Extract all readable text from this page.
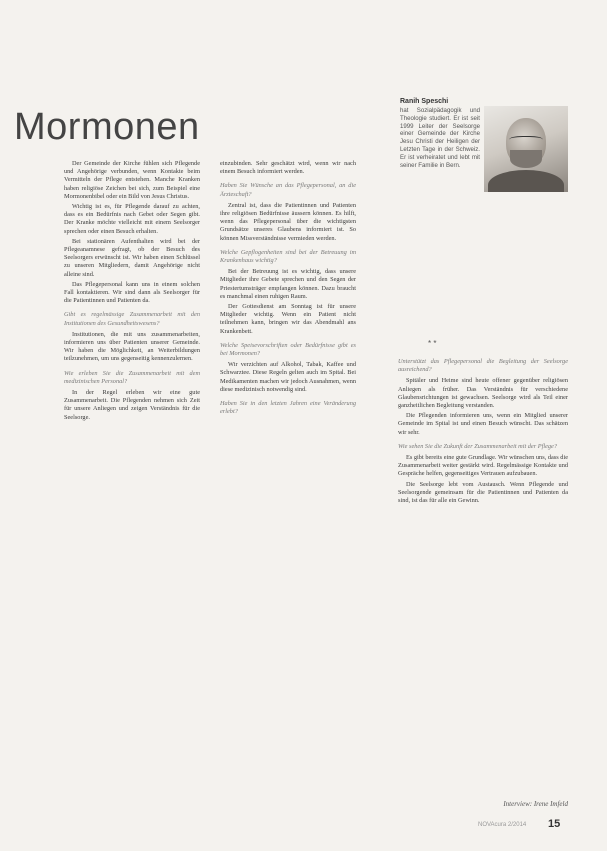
Mormonen

Ranih Speschi

hat Sozialpädagogik und Theologie studiert. Er ist seit 1999 Leiter der Seelsorge einer Gemeinde der Kirche Jesu Christi der Heiligen der Letzten Tage in der Schweiz. Er ist verheiratet und lebt mit seiner Familie in Bern.

* *

Der Gemeinde der Kirche fühlen sich Pflegende und Angehörige verbunden, wenn Kontakte beim Vermitteln der Pflege entstehen. Manche Kranken haben religiöse Zeichen bei sich, zum Beispiel eine Mormonenbibel oder ein Bild von Jesus Christus.

Wichtig ist es, für Pflegende darauf zu achten, dass es ein Bedürfnis nach Gebet oder Segen gibt. Der Kranke möchte vielleicht mit einem Seelsorger sprechen oder einen Besuch erhalten.

Bei stationären Aufenthalten wird bei der Pflegeanamnese gefragt, ob der Besuch des Seelsorgers erwünscht ist. Wir haben einen Schlüssel zu unseren Mitgliedern, damit Angehörige nicht alleine sind.

Das Pflegepersonal kann uns in einem solchen Fall kontaktieren. Wir sind dann als Seelsorger für die Patientinnen und Patienten da.

Gibt es regelmässige Zusammenarbeit mit den Institutionen des Gesundheitswesens?

Institutionen, die mit uns zusammenarbeiten, informieren uns über Patienten unserer Gemeinde. Wir haben die Möglichkeit, an Weiterbildungen teilzunehmen, um uns gegenseitig kennenzulernen.

Wie erleben Sie die Zusammenarbeit mit dem medizinischen Personal?

In der Regel erleben wir eine gute Zusammenarbeit. Die Pflegenden nehmen sich Zeit für unsere Anliegen und zeigen Verständnis für die Seelsorge.

einzubinden. Sehr geschätzt wird, wenn wir nach einem Besuch informiert werden.

Haben Sie Wünsche an das Pflegepersonal, an die Ärzteschaft?

Zentral ist, dass die Patientinnen und Patienten ihre religiösen Bedürfnisse äussern können. Es hilft, wenn das Pflegepersonal über die wichtigsten Grundsätze unseres Glaubens informiert ist. So können Missverständnisse vermieden werden.

Welche Gepflogenheiten sind bei der Betreuung im Krankenhaus wichtig?

Bei der Betreuung ist es wichtig, dass unsere Mitglieder ihre Gebete sprechen und den Segen der Priestertumsträger empfangen können. Dazu braucht es manchmal einen ruhigen Raum.

Der Gottesdienst am Sonntag ist für unsere Mitglieder wichtig. Wenn ein Patient nicht teilnehmen kann, bringen wir das Abendmahl ans Krankenbett.

Welche Speisevorschriften oder Bedürfnisse gibt es bei Mormonen?

Wir verzichten auf Alkohol, Tabak, Kaffee und Schwarztee. Diese Regeln gelten auch im Spital. Bei Medikamenten machen wir jedoch Ausnahmen, wenn diese medizinisch notwendig sind.

Haben Sie in den letzten Jahren eine Veränderung erlebt?

Unterstützt das Pflegepersonal die Begleitung der Seelsorge ausreichend?

Spitäler und Heime sind heute offener gegenüber religiösen Anliegen als früher. Das Verständnis für verschiedene Glaubensrichtungen ist gewachsen. Seelsorge wird als Teil einer ganzheitlichen Begleitung verstanden.

Die Pflegenden informieren uns, wenn ein Mitglied unserer Gemeinde im Spital ist und einen Besuch wünscht. Das schätzen wir sehr.

Wie sehen Sie die Zukunft der Zusammenarbeit mit der Pflege?

Es gibt bereits eine gute Grundlage. Wir wünschen uns, dass die Zusammenarbeit weiter gestärkt wird. Regelmässige Kontakte und Gespräche helfen, gegenseitiges Vertrauen aufzubauen.

Die Seelsorge lebt vom Austausch. Wenn Pflegende und Seelsorgende gemeinsam für die Patientinnen und Patienten da sind, ist das für alle ein Gewinn.

Interview: Irene Imfeld
NOVAcura 2/2014 15
